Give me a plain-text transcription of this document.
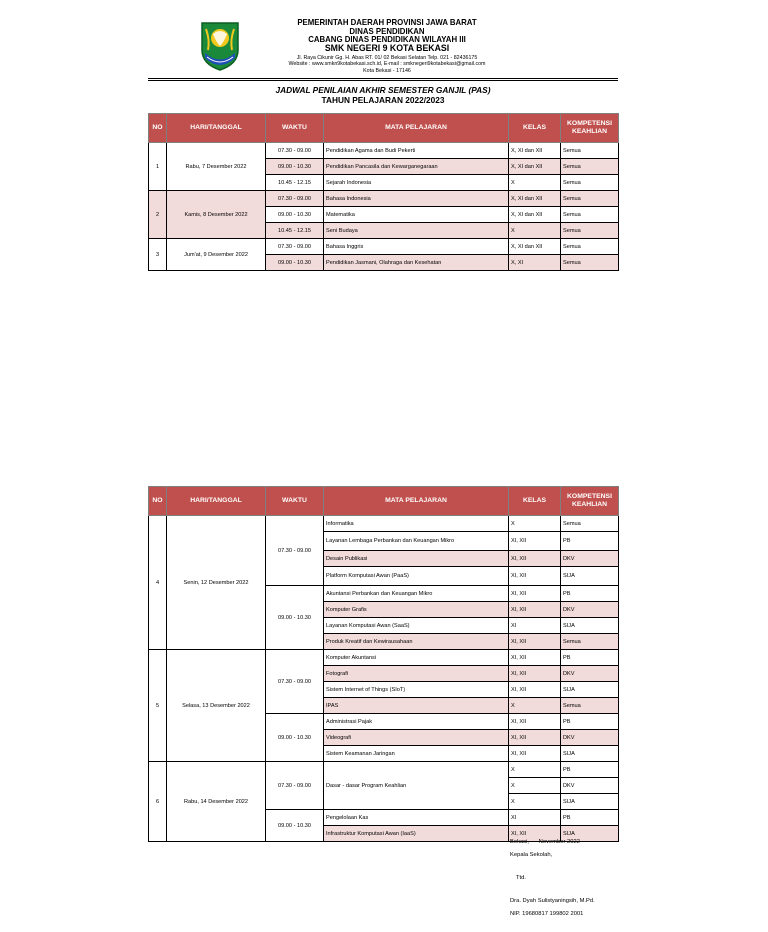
PEMERINTAH DAERAH PROVINSI JAWA BARAT
DINAS PENDIDIKAN
CABANG DINAS PENDIDIKAN WILAYAH III
SMK NEGERI 9 KOTA BEKASI
Jl. Raya Cikunir Gg. H. Abas RT. 01/ 02 Bekasi Selatan Telp. 021 - 82436175
Website : www.smkn9kotabekasi.sch.id, E-mail : smknegeri9kotabekasi@gmail.com
Kota Bekasi - 17146
JADWAL PENILAIAN AKHIR SEMESTER GANJIL (PAS)
TAHUN PELAJARAN 2022/2023
NO	HARI/TANGGAL	WAKTU	MATA PELAJARAN	KELAS	KOMPETENSI
KEAHLIAN
1	Rabu, 7 Desember 2022	07.30 - 09.00	Pendidikan Agama dan Budi Pekerti	X, XI dan XII	Semua
		09.00 - 10.30	Pendidikan Pancasila dan Kewarganegaraan	X, XI dan XII	Semua
		10.45 - 12.15	Sejarah Indonesia	X	Semua
2	Kamis, 8 Desember 2022	07.30 - 09.00	Bahasa Indonesia	X, XI dan XII	Semua
		09.00 - 10.30	Matematika	X, XI dan XII	Semua
		10.45 - 12.15	Seni Budaya	X	Semua
3	Jum'at, 9 Desember 2022	07.30 - 09.00	Bahasa Inggris	X, XI dan XII	Semua
		09.00 - 10.30	Pendidikan Jasmani, Olahraga dan Kesehatan	X, XI	Semua
NO	HARI/TANGGAL	WAKTU	MATA PELAJARAN	KELAS	KOMPETENSI
KEAHLIAN
4	Senin, 12 Desember 2022	07.30 - 09.00	Informatika	X	Semua
			Layanan Lembaga Perbankan dan Keuangan Mikro	XI, XII	PB
			Desain Publikasi	XI, XII	DKV
			Platform Komputasi Awan (PaaS)	XI, XII	SIJA
		09.00 - 10.30	Akuntansi Perbankan dan Keuangan Mikro	XI, XII	PB
			Komputer Grafis	XI, XII	DKV
			Layanan Komputasi Awan (SaaS)	XI	SIJA
			Produk Kreatif dan Kewirausahaan	XI, XII	Semua
5	Selasa, 13 Desember 2022	07.30 - 09.00	Komputer Akuntansi	XI, XII	PB
			Fotografi	XI, XII	DKV
			Sistem Internet of Things (SIoT)	XI, XII	SIJA
			IPAS	X	Semua
		09.00 - 10.30	Administrasi Pajak	XI, XII	PB
			Videografi	XI, XII	DKV
			Sistem Keamanan Jaringan	XI, XII	SIJA
6	Rabu, 14 Desember 2022	07.30 - 09.00	Dasar - dasar Program Keahlian	X	PB
				X	DKV
				X	SIJA
		09.00 - 10.30	Pengelolaan Kas	XI	PB
			Infrastruktur Komputasi Awan (IaaS)	XI, XII	SIJA
Bekasi,      November 2022
Kepala Sekolah,
Ttd.
Dra. Dyah Sulistyaningsih, M.Pd.
NIP. 19680817 199802 2001
